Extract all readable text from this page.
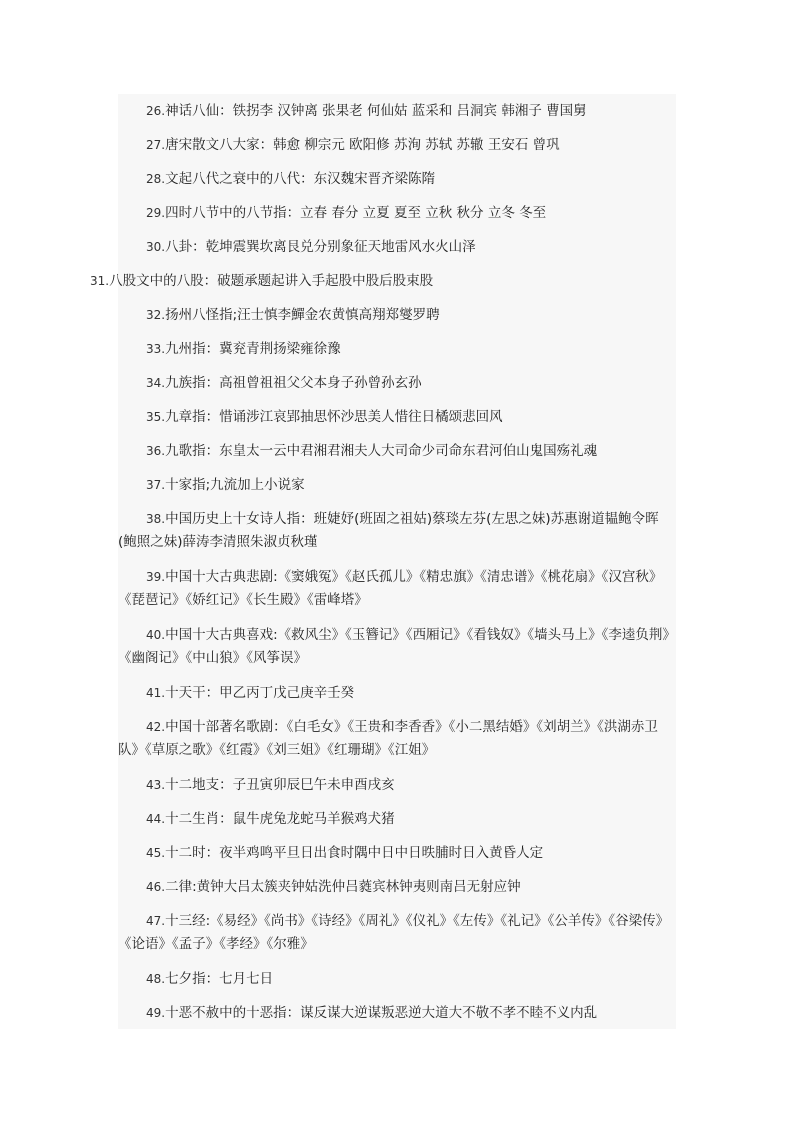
26.神话八仙：铁拐李 汉钟离 张果老 何仙姑 蓝采和 吕洞宾 韩湘子 曹国舅
27.唐宋散文八大家：韩愈 柳宗元 欧阳修 苏洵 苏轼 苏辙 王安石 曾巩
28.文起八代之衰中的八代：东汉魏宋晋齐梁陈隋
29.四时八节中的八节指：立春 春分 立夏 夏至 立秋 秋分 立冬 冬至
30.八卦：乾坤震巽坎离艮兑分别象征天地雷风水火山泽
31.八股文中的八股：破题承题起讲入手起股中股后股束股
32.扬州八怪指;汪士慎李鱓金农黄慎高翔郑燮罗聘
33.九州指：冀兖青荆扬梁雍徐豫
34.九族指：高祖曾祖祖父父本身子孙曾孙玄孙
35.九章指：惜诵涉江哀郢抽思怀沙思美人惜往日橘颂悲回风
36.九歌指：东皇太一云中君湘君湘夫人大司命少司命东君河伯山鬼国殇礼魂
37.十家指;九流加上小说家
38.中国历史上十女诗人指：班婕妤(班固之祖姑)蔡琰左芬(左思之妹)苏惠谢道韫鲍令晖(鲍照之妹)薛涛李清照朱淑贞秋瑾
39.中国十大古典悲剧:《窦娥冤》《赵氏孤儿》《精忠旗》《清忠谱》《桃花扇》《汉宫秋》《琵琶记》《娇红记》《长生殿》《雷峰塔》
40.中国十大古典喜戏:《救风尘》《玉簪记》《西厢记》《看钱奴》《墙头马上》《李逵负荆》《幽阁记》《中山狼》《风筝误》
41.十天干：甲乙丙丁戊己庚辛壬癸
42.中国十部著名歌剧：《白毛女》《王贵和李香香》《小二黑结婚》《刘胡兰》《洪湖赤卫队》《草原之歌》《红霞》《刘三姐》《红珊瑚》《江姐》
43.十二地支：子丑寅卯辰巳午未申酉戌亥
44.十二生肖：鼠牛虎兔龙蛇马羊猴鸡犬猪
45.十二时：夜半鸡鸣平旦日出食时隅中日中日昳脯时日入黄昏人定
46.二律:黄钟大吕太簇夹钟姑洗仲吕蕤宾林钟夷则南吕无射应钟
47.十三经:《易经》《尚书》《诗经》《周礼》《仪礼》《左传》《礼记》《公羊传》《谷梁传》《论语》《孟子》《孝经》《尔雅》
48.七夕指：七月七日
49.十恶不赦中的十恶指：谋反谋大逆谋叛恶逆大道大不敬不孝不睦不义内乱
